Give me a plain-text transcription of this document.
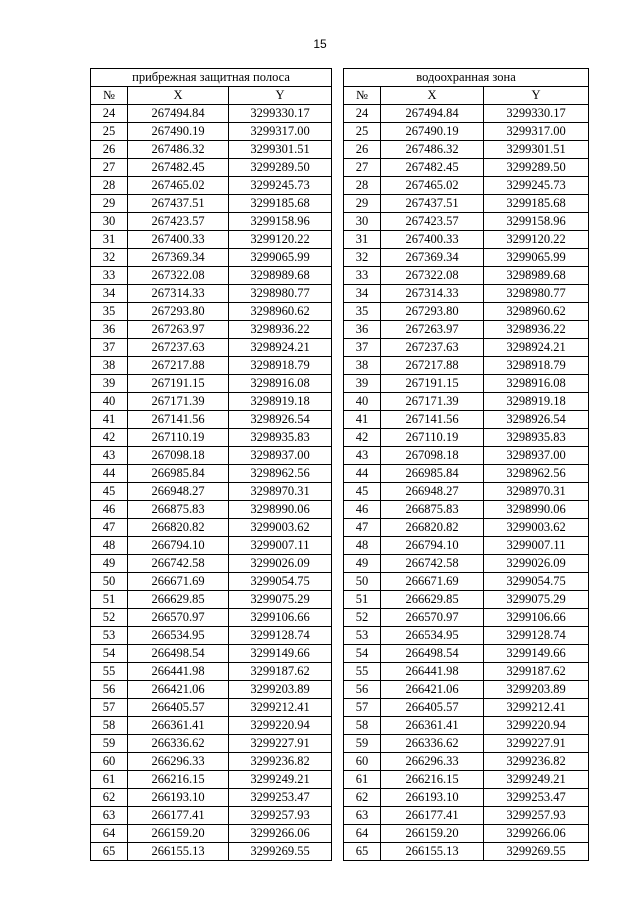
15
прибрежная защитная полоса		
№	X	Y
24	267494.84	3299330.17
25	267490.19	3299317.00
26	267486.32	3299301.51
27	267482.45	3299289.50
28	267465.02	3299245.73
29	267437.51	3299185.68
30	267423.57	3299158.96
31	267400.33	3299120.22
32	267369.34	3299065.99
33	267322.08	3298989.68
34	267314.33	3298980.77
35	267293.80	3298960.62
36	267263.97	3298936.22
37	267237.63	3298924.21
38	267217.88	3298918.79
39	267191.15	3298916.08
40	267171.39	3298919.18
41	267141.56	3298926.54
42	267110.19	3298935.83
43	267098.18	3298937.00
44	266985.84	3298962.56
45	266948.27	3298970.31
46	266875.83	3298990.06
47	266820.82	3299003.62
48	266794.10	3299007.11
49	266742.58	3299026.09
50	266671.69	3299054.75
51	266629.85	3299075.29
52	266570.97	3299106.66
53	266534.95	3299128.74
54	266498.54	3299149.66
55	266441.98	3299187.62
56	266421.06	3299203.89
57	266405.57	3299212.41
58	266361.41	3299220.94
59	266336.62	3299227.91
60	266296.33	3299236.82
61	266216.15	3299249.21
62	266193.10	3299253.47
63	266177.41	3299257.93
64	266159.20	3299266.06
65	266155.13	3299269.55
водоохранная зона		
№	X	Y
24	267494.84	3299330.17
25	267490.19	3299317.00
26	267486.32	3299301.51
27	267482.45	3299289.50
28	267465.02	3299245.73
29	267437.51	3299185.68
30	267423.57	3299158.96
31	267400.33	3299120.22
32	267369.34	3299065.99
33	267322.08	3298989.68
34	267314.33	3298980.77
35	267293.80	3298960.62
36	267263.97	3298936.22
37	267237.63	3298924.21
38	267217.88	3298918.79
39	267191.15	3298916.08
40	267171.39	3298919.18
41	267141.56	3298926.54
42	267110.19	3298935.83
43	267098.18	3298937.00
44	266985.84	3298962.56
45	266948.27	3298970.31
46	266875.83	3298990.06
47	266820.82	3299003.62
48	266794.10	3299007.11
49	266742.58	3299026.09
50	266671.69	3299054.75
51	266629.85	3299075.29
52	266570.97	3299106.66
53	266534.95	3299128.74
54	266498.54	3299149.66
55	266441.98	3299187.62
56	266421.06	3299203.89
57	266405.57	3299212.41
58	266361.41	3299220.94
59	266336.62	3299227.91
60	266296.33	3299236.82
61	266216.15	3299249.21
62	266193.10	3299253.47
63	266177.41	3299257.93
64	266159.20	3299266.06
65	266155.13	3299269.55
